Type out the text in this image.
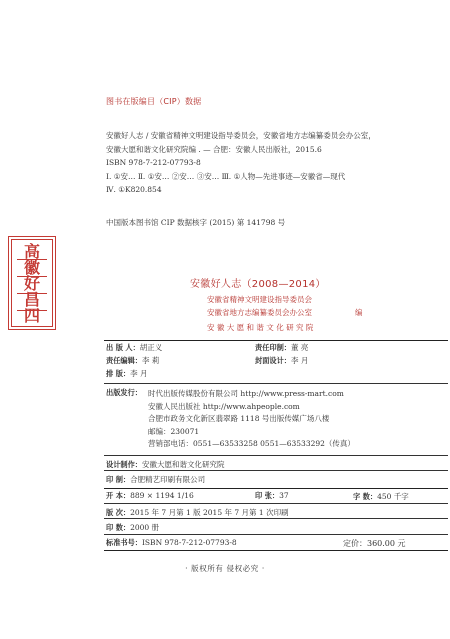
图书在版编目（CIP）数据
安徽好人志 / 安徽省精神文明建设指导委员会，安徽省地方志编纂委员会办公室，
安徽大愿和谐文化研究院编 . — 合肥：安徽人民出版社，2015.6
ISBN 978-7-212-07793-8
Ⅰ. ①安… Ⅱ. ①安… ②安… ③安… Ⅲ. ①人物—先进事迹—安徽省—现代
Ⅳ. ①K820.854
中国版本图书馆 CIP 数据核字 (2015) 第 141798 号
高
徽
好
昌
四
安徽好人志（2008—2014）
安徽省精神文明建设指导委员会
安徽省地方志编纂委员会办公室	编
安 徽 大 愿 和 谐 文 化 研 究 院
出 版 人：胡正义	责任印制：董 亮
责任编辑：李 莉	封面设计：李 月
排 版：李 月
出版发行： 时代出版传媒股份有限公司 http://www.press-mart.com
安徽人民出版社 http://www.ahpeople.com
合肥市政务文化新区翡翠路 1118 号出版传媒广场八楼
邮编：230071
营销部电话：0551—63533258 0551—63533292（传真）
设计制作：安徽大愿和谐文化研究院
印 制：合肥精艺印刷有限公司
开 本：889 × 1194 1/16	印 张：37	字 数：450 千字
版 次：2015 年 7 月第 1 版 2015 年 7 月第 1 次印刷
印 数：2000 册
标准书号：ISBN 978-7-212-07793-8	定价：360.00 元
· 版权所有 侵权必究 ·
